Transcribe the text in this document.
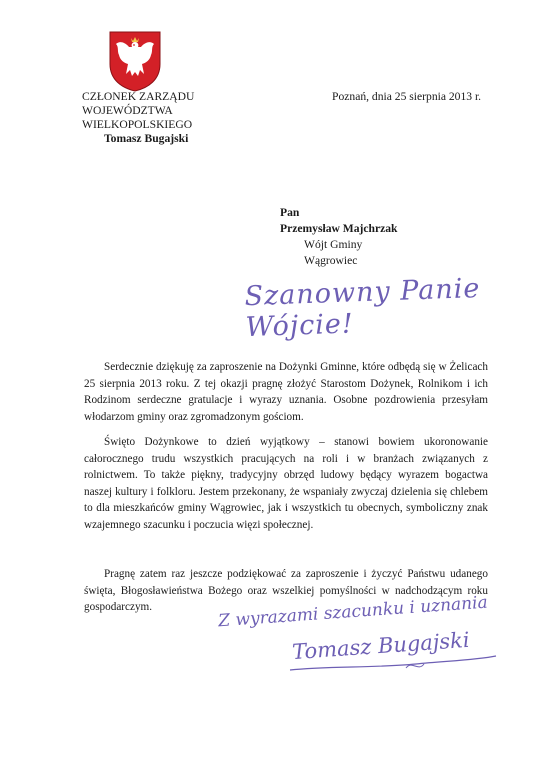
CZŁONEK ZARZĄDU
WOJEWÓDZTWA WIELKOPOLSKIEGO
Tomasz Bugajski
Poznań, dnia 25 sierpnia 2013 r.
Pan
Przemysław Majchrzak
Wójt Gminy
Wągrowiec
Szanowny Panie Wójcie!

Serdecznie dziękuję za zaproszenie na Dożynki Gminne, które odbędą się w Żelicach 25 sierpnia 2013 roku. Z tej okazji pragnę złożyć Starostom Dożynek, Rolnikom i ich Rodzinom serdeczne gratulacje i wyrazy uznania. Osobne pozdrowienia przesyłam włodarzom gminy oraz zgromadzonym gościom.

Święto Dożynkowe to dzień wyjątkowy – stanowi bowiem ukoronowanie całorocznego trudu wszystkich pracujących na roli i w branżach związanych z rolnictwem. To także piękny, tradycyjny obrzęd ludowy będący wyrazem bogactwa naszej kultury i folkloru. Jestem przekonany, że wspaniały zwyczaj dzielenia się chlebem to dla mieszkańców gminy Wągrowiec, jak i wszystkich tu obecnych, symboliczny znak wzajemnego szacunku i poczucia więzi społecznej.

Pragnę zatem raz jeszcze podziękować za zaproszenie i życzyć Państwu udanego święta, Błogosławieństwa Bożego oraz wszelkiej pomyślności w nadchodzącym roku gospodarczym.	Z wyrazami szacunku i uznania
Tomasz Bugajski
